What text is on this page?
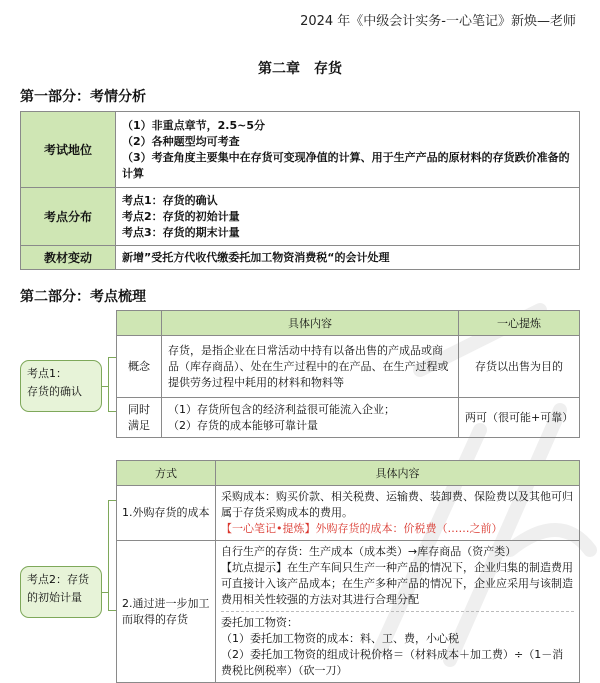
2024 年《中级会计实务-一心笔记》新焕—老师
第二章　存货
第一部分：考情分析
考试地位	（1）非重点章节，2.5~5分
（2）各种题型均可考查
（3）考查角度主要集中在存货可变现净值的计算、用于生产产品的原材料的存货跌价准备的计算

考点分布	考点1：存货的确认
考点2：存货的初始计量
考点3：存货的期末计量

教材变动	新增”受托方代收代缴委托加工物资消费税“的会计处理
第二部分：考点梳理
考点1：
存货的确认
	具体内容	一心提炼
概念	存货，是指企业在日常活动中持有以备出售的产成品或商品（库存商品）、处在生产过程中的在产品、在生产过程或提供劳务过程中耗用的材料和物料等	存货以出售为目的
同时满足	（1）存货所包含的经济利益很可能流入企业；
（2）存货的成本能够可靠计量	两可（很可能+可靠）
考点2：存货
的初始计量
方式	具体内容
1.外购存货的成本	采购成本：购买价款、相关税费、运输费、装卸费、保险费以及其他可归属于存货采购成本的费用。
【一心笔记•提炼】外购存货的成本：价税费（……之前）

2.通过进一步加工而取得的存货	自行生产的存货：生产成本（成本类）→库存商品（资产类）
【坑点提示】在生产车间只生产一种产品的情况下，企业归集的制造费用可直接计入该产品成本；在生产多种产品的情况下，企业应采用与该制造费用相关性较强的方法对其进行合理分配
委托加工物资：
（1）委托加工物资的成本：料、工、费，小心税
（2）委托加工物资的组成计税价格＝（材料成本＋加工费）÷（1－消费税比例税率）（砍一刀）
